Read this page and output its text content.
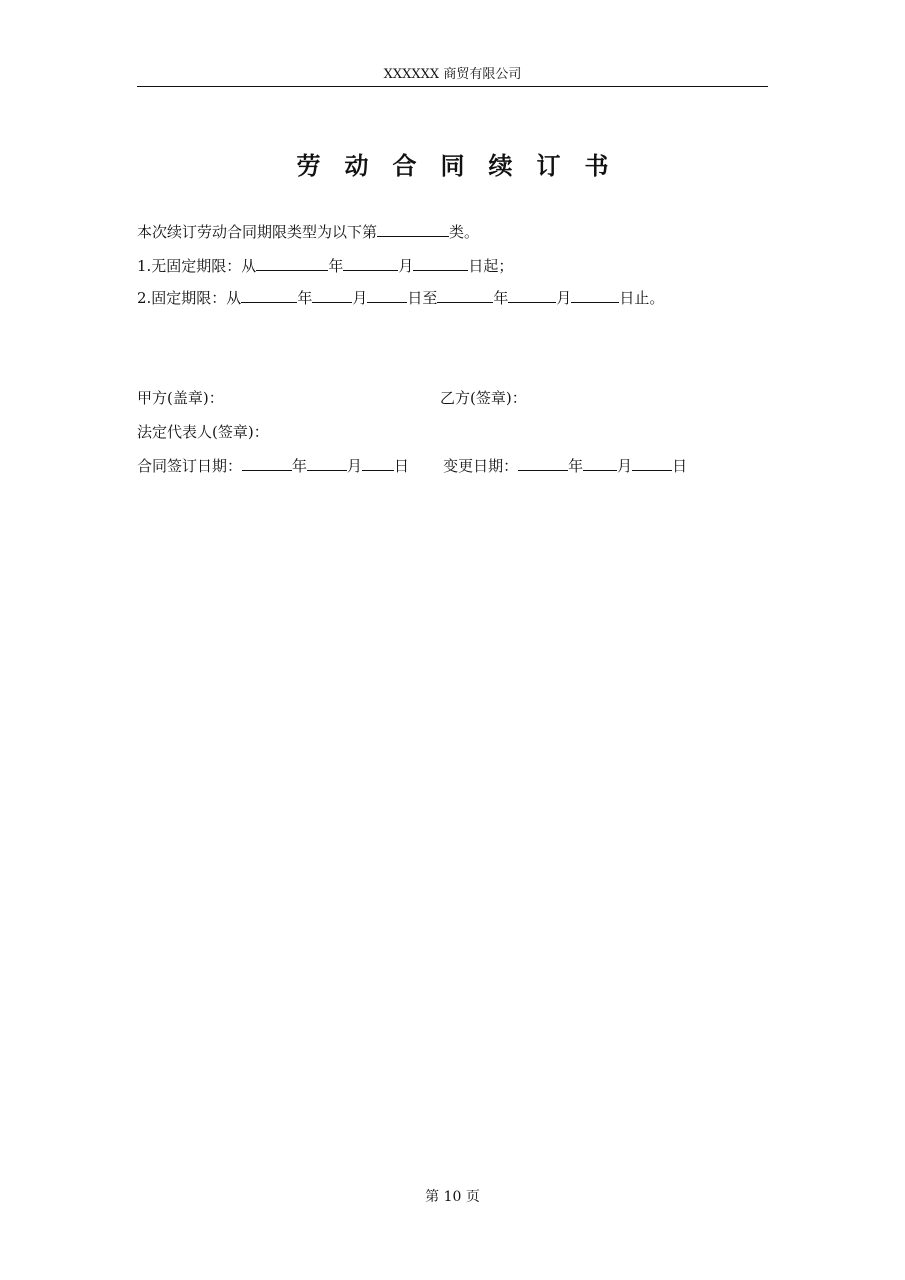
XXXXXX 商贸有限公司
劳动合同续订书
本次续订劳动合同期限类型为以下第	类。
1.无固定期限：从	年	月	日起；
2.固定期限：从	年	月	日至	年	月	日止。
甲方(盖章)：	乙方(签章)：
法定代表人(签章)：
合同签订日期：	年	月 日 变更日期：	年 月	日
第 10 页
